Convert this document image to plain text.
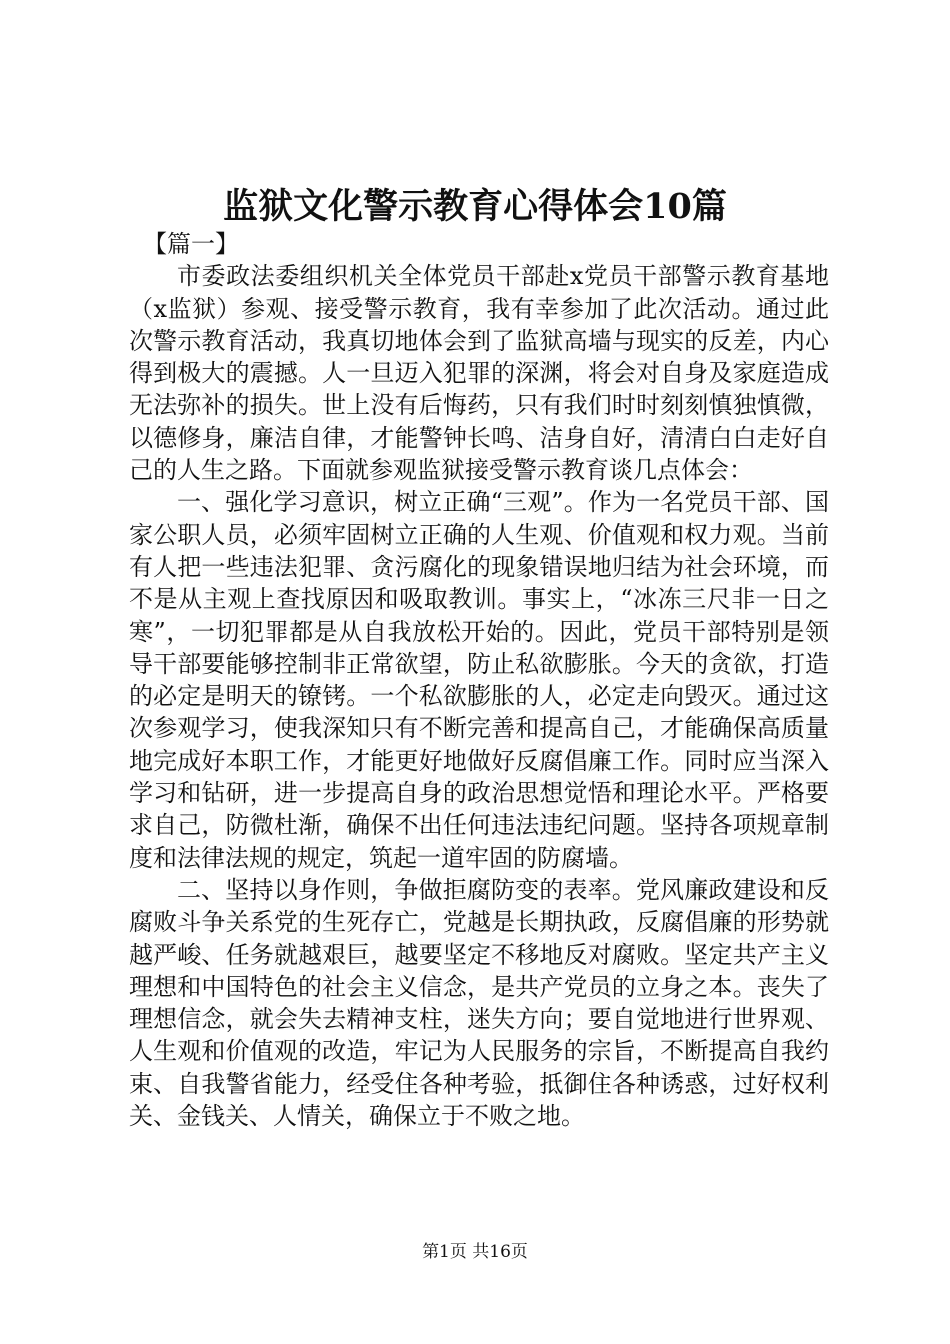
监狱文化警示教育心得体会10篇

【篇一】

市委政法委组织机关全体党员干部赴x党员干部警示教育基地（x监狱）参观、接受警示教育，我有幸参加了此次活动。通过此次警示教育活动，我真切地体会到了监狱高墙与现实的反差，内心得到极大的震撼。人一旦迈入犯罪的深渊，将会对自身及家庭造成无法弥补的损失。世上没有后悔药，只有我们时时刻刻慎独慎微，以德修身，廉洁自律，才能警钟长鸣、洁身自好，清清白白走好自己的人生之路。下面就参观监狱接受警示教育谈几点体会：

一、强化学习意识，树立正确“三观”。作为一名党员干部、国家公职人员，必须牢固树立正确的人生观、价值观和权力观。当前有人把一些违法犯罪、贪污腐化的现象错误地归结为社会环境，而不是从主观上查找原因和吸取教训。事实上，“冰冻三尺非一日之寒”，一切犯罪都是从自我放松开始的。因此，党员干部特别是领导干部要能够控制非正常欲望，防止私欲膨胀。今天的贪欲，打造的必定是明天的镣铐。一个私欲膨胀的人，必定走向毁灭。通过这次参观学习，使我深知只有不断完善和提高自己，才能确保高质量地完成好本职工作，才能更好地做好反腐倡廉工作。同时应当深入学习和钻研，进一步提高自身的政治思想觉悟和理论水平。严格要求自己，防微杜渐，确保不出任何违法违纪问题。坚持各项规章制度和法律法规的规定，筑起一道牢固的防腐墙。

二、坚持以身作则，争做拒腐防变的表率。党风廉政建设和反腐败斗争关系党的生死存亡，党越是长期执政，反腐倡廉的形势就越严峻、任务就越艰巨，越要坚定不移地反对腐败。坚定共产主义理想和中国特色的社会主义信念，是共产党员的立身之本。丧失了理想信念，就会失去精神支柱，迷失方向；要自觉地进行世界观、人生观和价值观的改造，牢记为人民服务的宗旨，不断提高自我约束、自我警省能力，经受住各种考验，抵御住各种诱惑，过好权利关、金钱关、人情关，确保立于不败之地。

第1页 共16页
